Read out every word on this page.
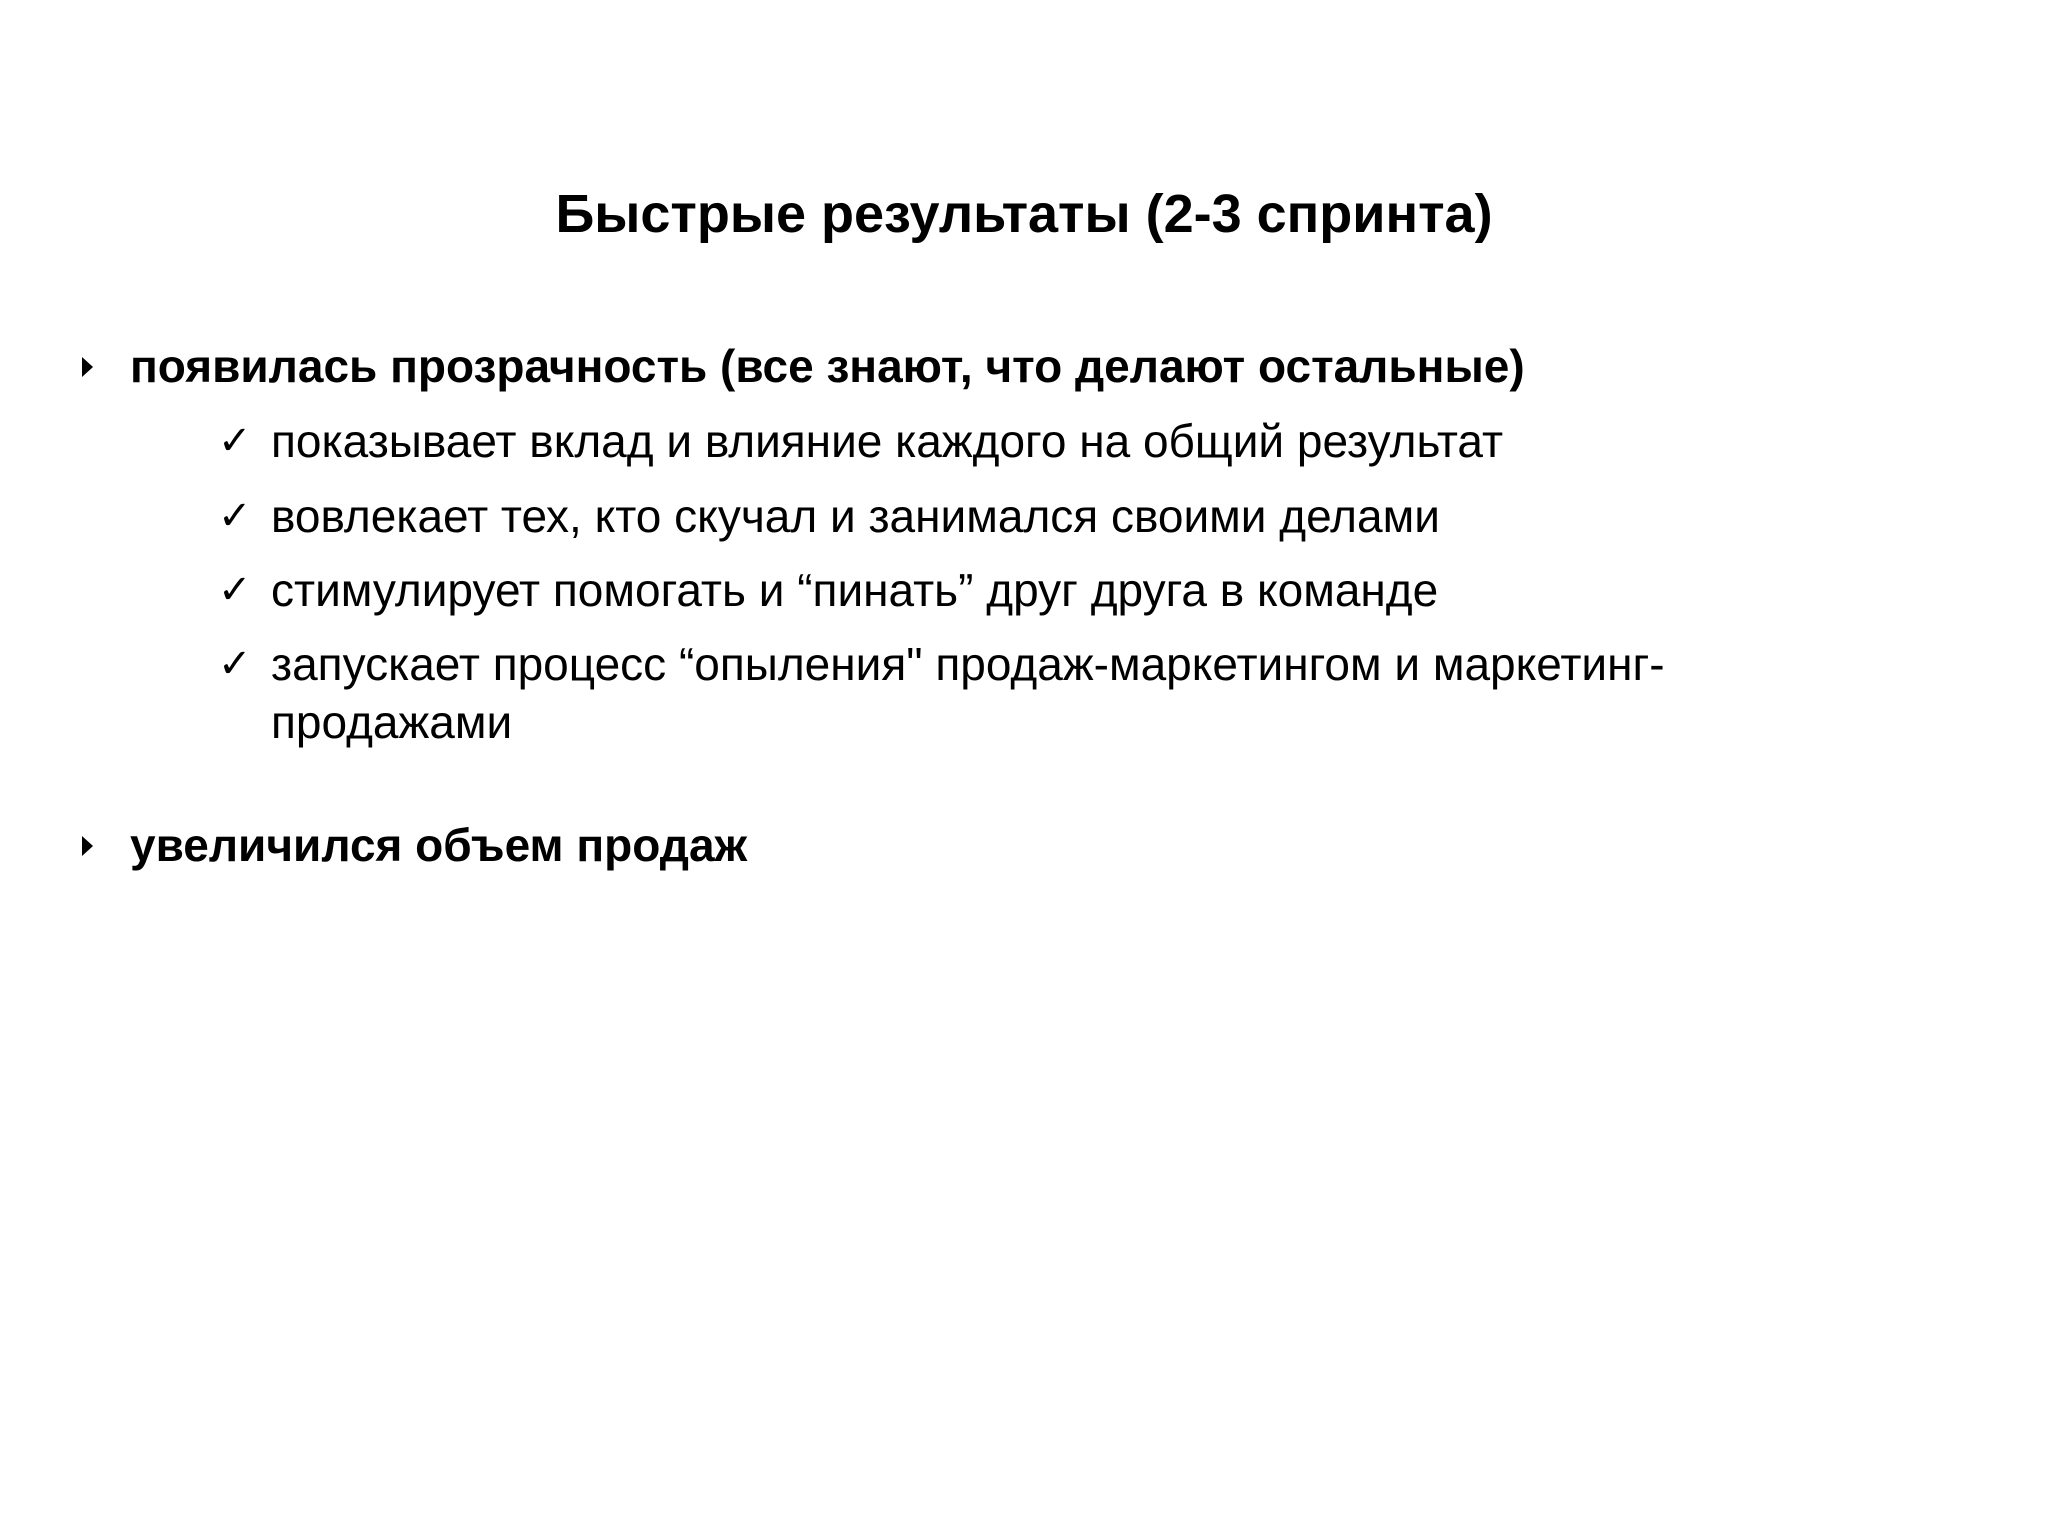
Быстрые результаты (2-3 спринта)
появилась прозрачность (все знают, что делают остальные)
✓ показывает вклад и влияние каждого на общий результат
✓ вовлекает тех, кто скучал и занимался своими делами
✓ стимулирует помогать и “пинать” друг друга в команде
✓ запускает процесс “опыления" продаж-маркетингом и маркетинг-
продажами
увеличился объем продаж
